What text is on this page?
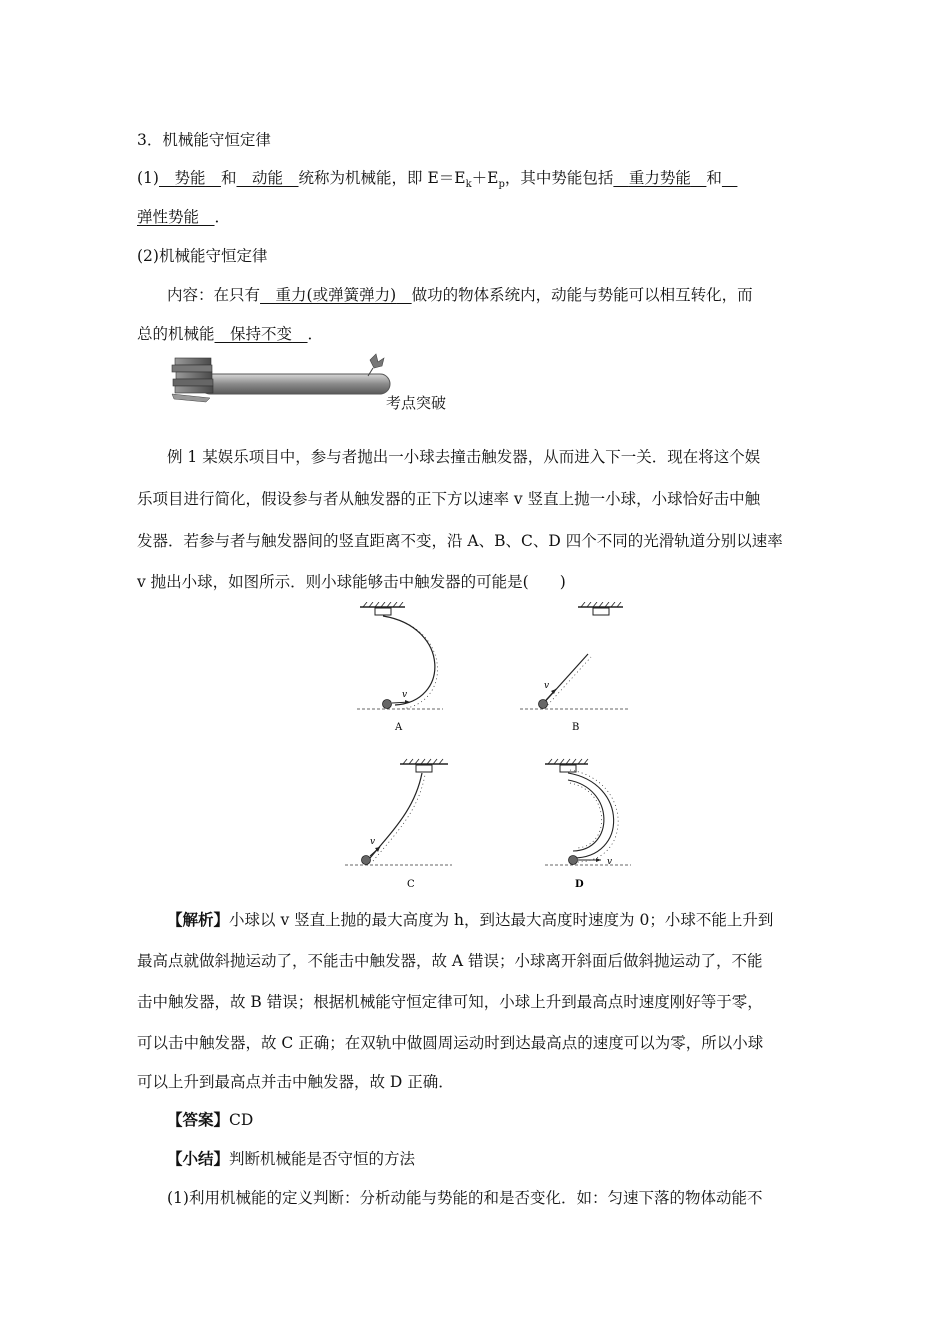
3．机械能守恒定律
(1)  势能  和  动能  统称为机械能，即 $E=E_k+E_p$，其中势能包括  重力势能  和 
弹性势能  ．
(2)机械能守恒定律
内容：在只有  重力(或弹簧弹力)  做功的物体系统内，动能与势能可以相互转化，而
总的机械能  保持不变  ．
考点突破
例 1 某娱乐项目中，参与者抛出一小球去撞击触发器，从而进入下一关．现在将这个娱
乐项目进行简化，假设参与者从触发器的正下方以速率 v 竖直上抛一小球，小球恰好击中触
发器．若参与者与触发器间的竖直距离不变，沿 A、B、C、D 四个不同的光滑轨道分别以速率
v 抛出小球，如图所示．则小球能够击中触发器的可能是(　　)
v
A
v
B
v
C
v
D
【解析】小球以 v 竖直上抛的最大高度为 h，到达最大高度时速度为 0；小球不能上升到
最高点就做斜抛运动了，不能击中触发器，故 A 错误；小球离开斜面后做斜抛运动了，不能
击中触发器，故 B 错误；根据机械能守恒定律可知，小球上升到最高点时速度刚好等于零，
可以击中触发器，故 C 正确；在双轨中做圆周运动时到达最高点的速度可以为零，所以小球
可以上升到最高点并击中触发器，故 D 正确．
【答案】CD
【小结】判断机械能是否守恒的方法
(1)利用机械能的定义判断：分析动能与势能的和是否变化．如：匀速下落的物体动能不
